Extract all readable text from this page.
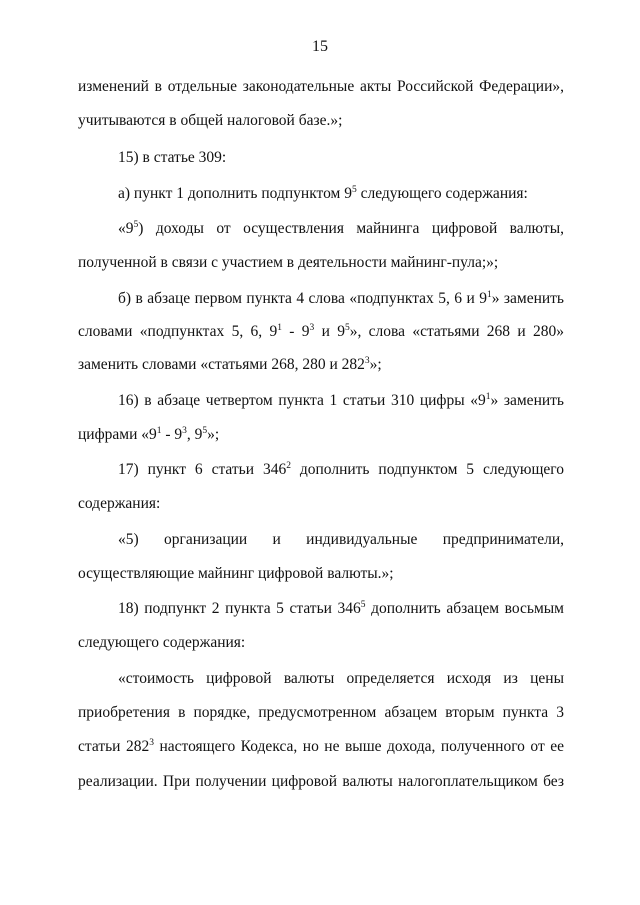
15
изменений в отдельные законодательные акты Российской Федерации»,
учитываются в общей налоговой базе.»;
15) в статье 309:
а) пункт 1 дополнить подпунктом $9^5$ следующего содержания:
«$9^5$) доходы от осуществления майнинга цифровой валюты,
полученной в связи с участием в деятельности майнинг-пула;»;
б) в абзаце первом пункта 4 слова «подпунктах 5, 6 и $9^1$» заменить
словами «подпунктах 5, 6, $9^1 - 9^3$ и $9^5$», слова «статьями 268 и 280»
заменить словами «статьями 268, 280 и $282^3$»;
16) в абзаце четвертом пункта 1 статьи 310 цифры «$9^1$» заменить
цифрами «$9^1 - 9^3$, $9^5$»;
17) пункт 6 статьи $346^2$ дополнить подпунктом 5 следующего
содержания:
«5) организации и индивидуальные предприниматели,
осуществляющие майнинг цифровой валюты.»;
18) подпункт 2 пункта 5 статьи $346^5$ дополнить абзацем восьмым
следующего содержания:
«стоимость цифровой валюты определяется исходя из цены
приобретения в порядке, предусмотренном абзацем вторым пункта 3
статьи $282^3$ настоящего Кодекса, но не выше дохода, полученного от ее
реализации. При получении цифровой валюты налогоплательщиком без
